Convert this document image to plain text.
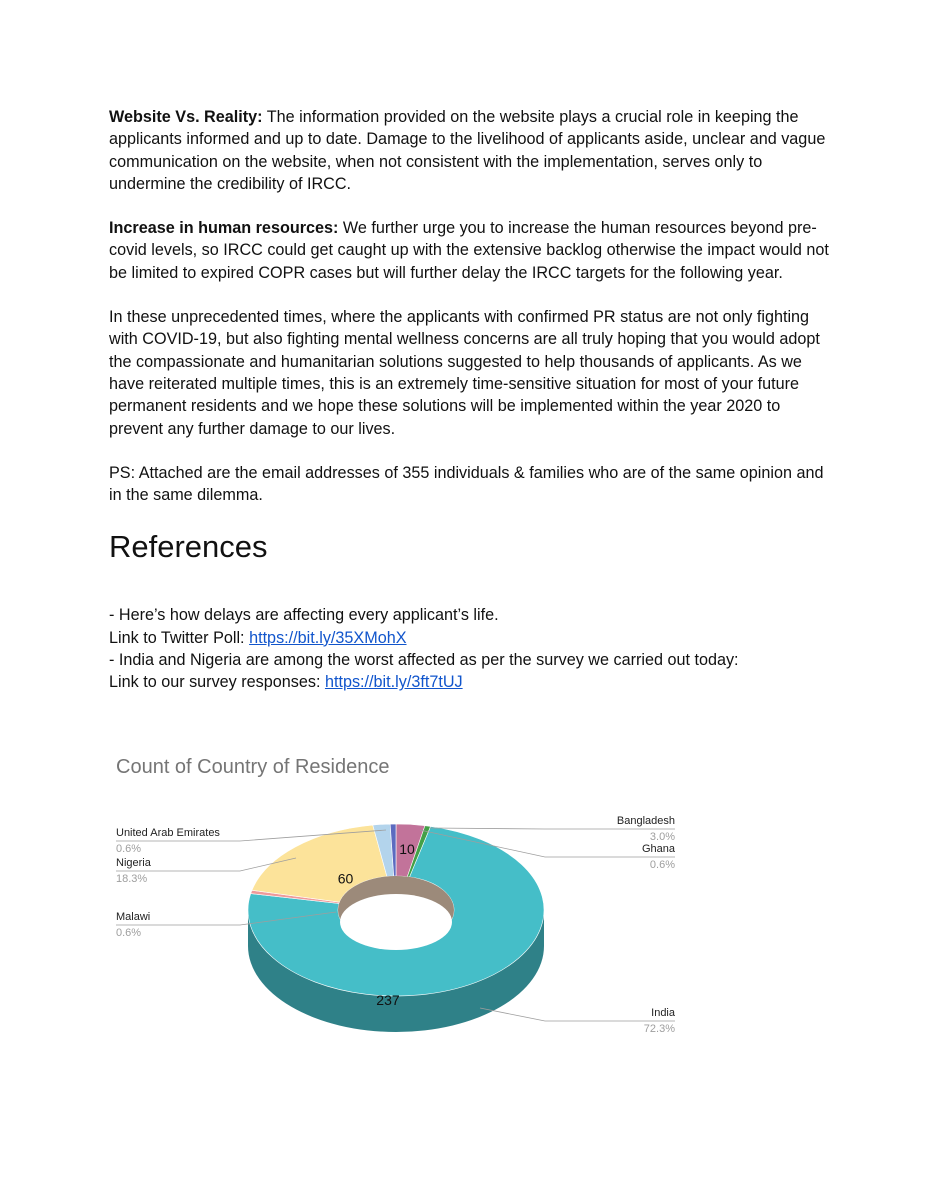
Website Vs. Reality: The information provided on the website plays a crucial role in keeping the applicants informed and up to date. Damage to the livelihood of applicants aside, unclear and vague communication on the website, when not consistent with the implementation, serves only to undermine the credibility of IRCC.

Increase in human resources: We further urge you to increase the human resources beyond pre-covid levels, so IRCC could get caught up with the extensive backlog otherwise the impact would not be limited to expired COPR cases but will further delay the IRCC targets for the following year.

In these unprecedented times, where the applicants with confirmed PR status are not only fighting with COVID-19, but also fighting mental wellness concerns are all truly hoping that you would adopt the compassionate and humanitarian solutions suggested to help thousands of applicants. As we have reiterated multiple times, this is an extremely time-sensitive situation for most of your future permanent residents and we hope these solutions will be implemented within the year 2020 to prevent any further damage to our lives.

PS: Attached are the email addresses of 355 individuals & families who are of the same opinion and in the same dilemma.

References
- Here’s how delays are affecting every applicant’s life.
Link to Twitter Poll: https://bit.ly/35XMohX
- India and Nigeria are among the worst affected as per the survey we carried out today:
Link to our survey responses: https://bit.ly/3ft7tUJ
Count of Country of Residence
10
237
60
Bangladesh
3.0%
Ghana
0.6%
India
72.3%
Malawi
0.6%
Nigeria
18.3%
United Arab Emirates
0.6%
